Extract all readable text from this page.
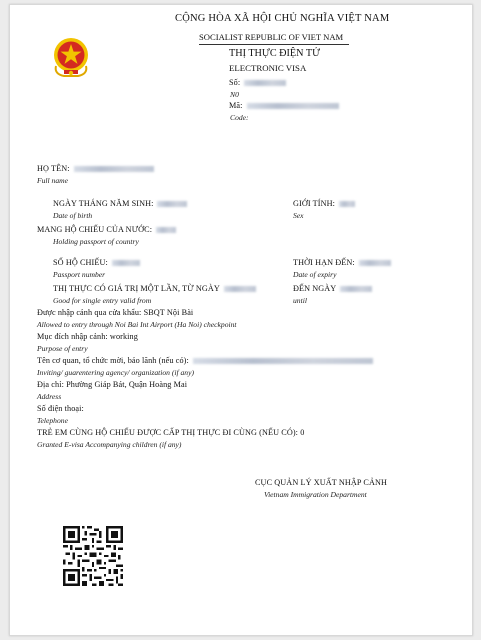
CỘNG HÒA XÃ HỘI CHỦ NGHĨA VIỆT NAM
SOCIALIST REPUBLIC OF VIET NAM
THỊ THỰC ĐIỆN TỬ
ELECTRONIC VISA
Số:
N0
Mã:
Code:
HỌ TÊN:
Full name
NGÀY THÁNG NĂM SINH:
Date of birth
GIỚI TÍNH:
Sex
MANG HỘ CHIẾU CỦA NƯỚC:
Holding passport of country
SỐ HỘ CHIẾU:
Passport number
THỜI HẠN ĐẾN:
Date of expiry
THỊ THỰC CÓ GIÁ TRỊ MỘT LẦN, TỪ NGÀY
Good for single entry valid from
ĐẾN NGÀY
until
Được nhập cảnh qua cửa khẩu: SBQT Nội Bài
Allowed to entry through Noi Bai Int Airport (Ha Noi) checkpoint
Mục đích nhập cảnh: working
Purpose of entry
Tên cơ quan, tổ chức mời, bảo lãnh (nếu có):
Inviting/ guarentering agency/ organization (if any)
Địa chỉ: Phường Giáp Bát, Quận Hoàng Mai
Address
Số điện thoại:
Telephone
TRẺ EM CÙNG HỘ CHIẾU ĐƯỢC CẤP THỊ THỰC ĐI CÙNG (NẾU CÓ): 0
Granted E-visa Accompanying children (if any)
CỤC QUẢN LÝ XUẤT NHẬP CẢNH
Vietnam Immigration Department
